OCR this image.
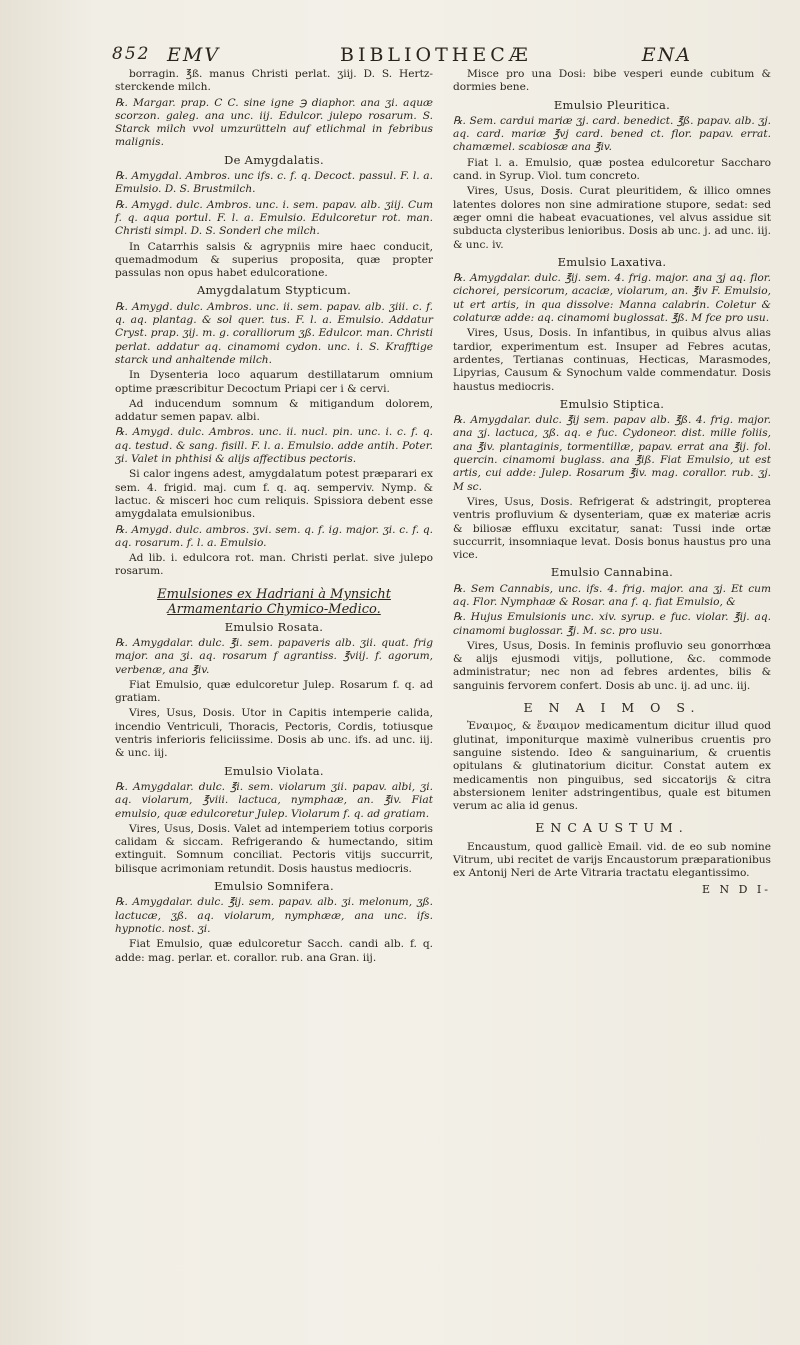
852 EMV	BIBLIOTHECÆ	ENA

borragin. ℥ß. manus Christi perlat. ʒiij. D. S. Hertz-sterckende milch.

℞. Margar. prap. C C. sine igne ℈ diaphor. ana ʒi. aquæ scorzon. galeg. ana unc. iij. Edulcor. julepo rosarum. S. Starck milch vvol umzurütteln auf etlichmal in febribus malignis.

De Amygdalatis.

℞. Amygdal. Ambros. unc ifs. c. f. q. Decoct. passul. F. l. a. Emulsio. D. S. Brustmilch.

℞. Amygd. dulc. Ambros. unc. i. sem. papav. alb. ʒiij. Cum f. q. aqua portul. F. l. a. Emulsio. Edulcoretur rot. man. Christi simpl. D. S. Sonderl che milch.

In Catarrhis salsis & agrypniis mire haec conducit, quemadmodum & superius proposita, quæ propter passulas non opus habet edulcoratione.

Amygdalatum Stypticum.

℞. Amygd. dulc. Ambros. unc. ii. sem. papav. alb. ʒiii. c. f. q. aq. plantag. & sol quer. tus. F. l. a. Emulsio. Addatur Cryst. prap. ʒij. m. g. coralliorum ʒß. Edulcor. man. Christi perlat. addatur aq. cinamomi cydon. unc. i. S. Krafftige starck und anhaltende milch.

In Dysenteria loco aquarum destillatarum omnium optime præscribitur Decoctum Priapi cer i & cervi.

Ad inducendum somnum & mitigandum dolorem, addatur semen papav. albi.

℞. Amygd. dulc. Ambros. unc. ii. nucl. pin. unc. i. c. f. q. aq. testud. & sang. fisill. F. l. a. Emulsio. adde antih. Poter. ʒi. Valet in phthisi & alijs affectibus pectoris.

Si calor ingens adest, amygdalatum potest præparari ex sem. 4. frigid. maj. cum f. q. aq. semperviv. Nymp. & lactuc. & misceri hoc cum reliquis. Spissiora debent esse amygdalata emulsionibus.

℞. Amygd. dulc. ambros. ʒvi. sem. q. f. ig. major. ʒi. c. f. q. aq. rosarum. f. l. a. Emulsio.

Ad lib. i. edulcora rot. man. Christi perlat. sive julepo rosarum.

Emulsiones ex Hadriani à Mynsicht Armamentario Chymico-Medico.
Emulsio Rosata.

℞. Amygdalar. dulc. ℥i. sem. papaveris alb. ʒii. quat. frig major. ana ʒi. aq. rosarum f agrantiss. ℥viij. f. agorum, verbenæ, ana ℥iv.

Fiat Emulsio, quæ edulcoretur Julep. Rosarum f. q. ad gratiam.

Vires, Usus, Dosis. Utor in Capitis intemperie calida, incendio Ventriculi, Thoracis, Pectoris, Cordis, totiusque ventris inferioris feliciissime. Dosis ab unc. ifs. ad unc. iij. & unc. iij.

Emulsio Violata.

℞. Amygdalar. dulc. ℥i. sem. violarum ʒii. papav. albi, ʒi. aq. violarum, ℥viii. lactuca, nymphaæ, an. ℥iv. Fiat emulsio, quæ edulcoretur Julep. Violarum f. q. ad gratiam.

Vires, Usus, Dosis. Valet ad intemperiem totius corporis calidam & siccam. Refrigerando & humectando, sitim extinguit. Somnum conciliat. Pectoris vitijs succurrit, bilisque acrimoniam retundit. Dosis haustus mediocris.

Emulsio Somnifera.

℞. Amygdalar. dulc. ℥ij. sem. papav. alb. ʒi. melonum, ʒß. lactucæ, ʒß. aq. violarum, nymphææ, ana unc. ifs. hypnotic. nost. ʒi.

Fiat Emulsio, quæ edulcoretur Sacch. candi alb. f. q. adde: mag. perlar. et. corallor. rub. ana Gran. iij.

Misce pro una Dosi: bibe vesperi eunde cubitum & dormies bene.

Emulsio Pleuritica.

℞. Sem. cardui mariæ ʒj. card. benedict. ℥ß. papav. alb. ʒj. aq. card. mariæ ℥vj card. bened ct. flor. papav. errat. chamæmel. scabiosæ ana ℥iv.

Fiat l. a. Emulsio, quæ postea edulcoretur Saccharo cand. in Syrup. Viol. tum concreto.

Vires, Usus, Dosis. Curat pleuritidem, & illico omnes latentes dolores non sine admiratione stupore, sedat: sed æger omni die habeat evacuationes, vel alvus assidue sit subducta clysteribus lenioribus. Dosis ab unc. j. ad unc. iij. & unc. iv.

Emulsio Laxativa.

℞. Amygdalar. dulc. ℥ij. sem. 4. frig. major. ana ʒj aq. flor. cichorei, persicorum, acaciæ, violarum, an. ℥iv F. Emulsio, ut ert artis, in qua dissolve: Manna calabrin. Coletur & colaturæ adde: aq. cinamomi buglossat. ℥ß. M fce pro usu.

Vires, Usus, Dosis. In infantibus, in quibus alvus alias tardior, experimentum est. Insuper ad Febres acutas, ardentes, Tertianas continuas, Hecticas, Marasmodes, Lipyrias, Causum & Synochum valde commendatur. Dosis haustus mediocris.

Emulsio Stiptica.

℞. Amygdalar. dulc. ℥ij sem. papav alb. ℥ß. 4. frig. major. ana ʒj. lactuca, ʒß. aq. e fuc. Cydoneor. dist. mille foliis, ana ℥iv. plantaginis, tormentillæ, papav. errat ana ℥ij. fol. quercin. cinamomi buglass. ana ℥iß. Fiat Emulsio, ut est artis, cui adde: Julep. Rosarum ℥iv. mag. corallor. rub. ʒj. M sc.

Vires, Usus, Dosis. Refrigerat & adstringit, propterea ventris profluvium & dysenteriam, quæ ex materiæ acris & biliosæ effluxu excitatur, sanat: Tussi inde ortæ succurrit, insomniaque levat. Dosis bonus haustus pro una vice.

Emulsio Cannabina.

℞. Sem Cannabis, unc. ifs. 4. frig. major. ana ʒj. Et cum aq. Flor. Nymphaæ & Rosar. ana f. q. fiat Emulsio, &

℞. Hujus Emulsionis unc. xiv. syrup. e fuc. violar. ℥ij. aq. cinamomi buglossar. ℥j. M. sc. pro usu.

Vires, Usus, Dosis. In feminis profluvio seu gonorrhœa & alijs ejusmodi vitijs, pollutione, &c. commode administratur; nec non ad febres ardentes, bilis & sanguinis fervorem confert. Dosis ab unc. ij. ad unc. iij.

E N A I M O S.

Ἐναιμος, & ἔναιμον medicamentum dicitur illud quod glutinat, imponiturque maximè vulneribus cruentis pro sanguine sistendo. Ideo & sanguinarium, & cruentis opitulans & glutinatorium dicitur. Constat autem ex medicamentis non pinguibus, sed siccatorijs & citra abstersionem leniter adstringentibus, quale est bitumen verum ac alia id genus.

ENCAUSTUM.

Encaustum, quod gallicè Email. vid. de eo sub nomine Vitrum, ubi recitet de varijs Encaustorum præparationibus ex Antonij Neri de Arte Vitraria tractatu elegantissimo.

E N D I-
